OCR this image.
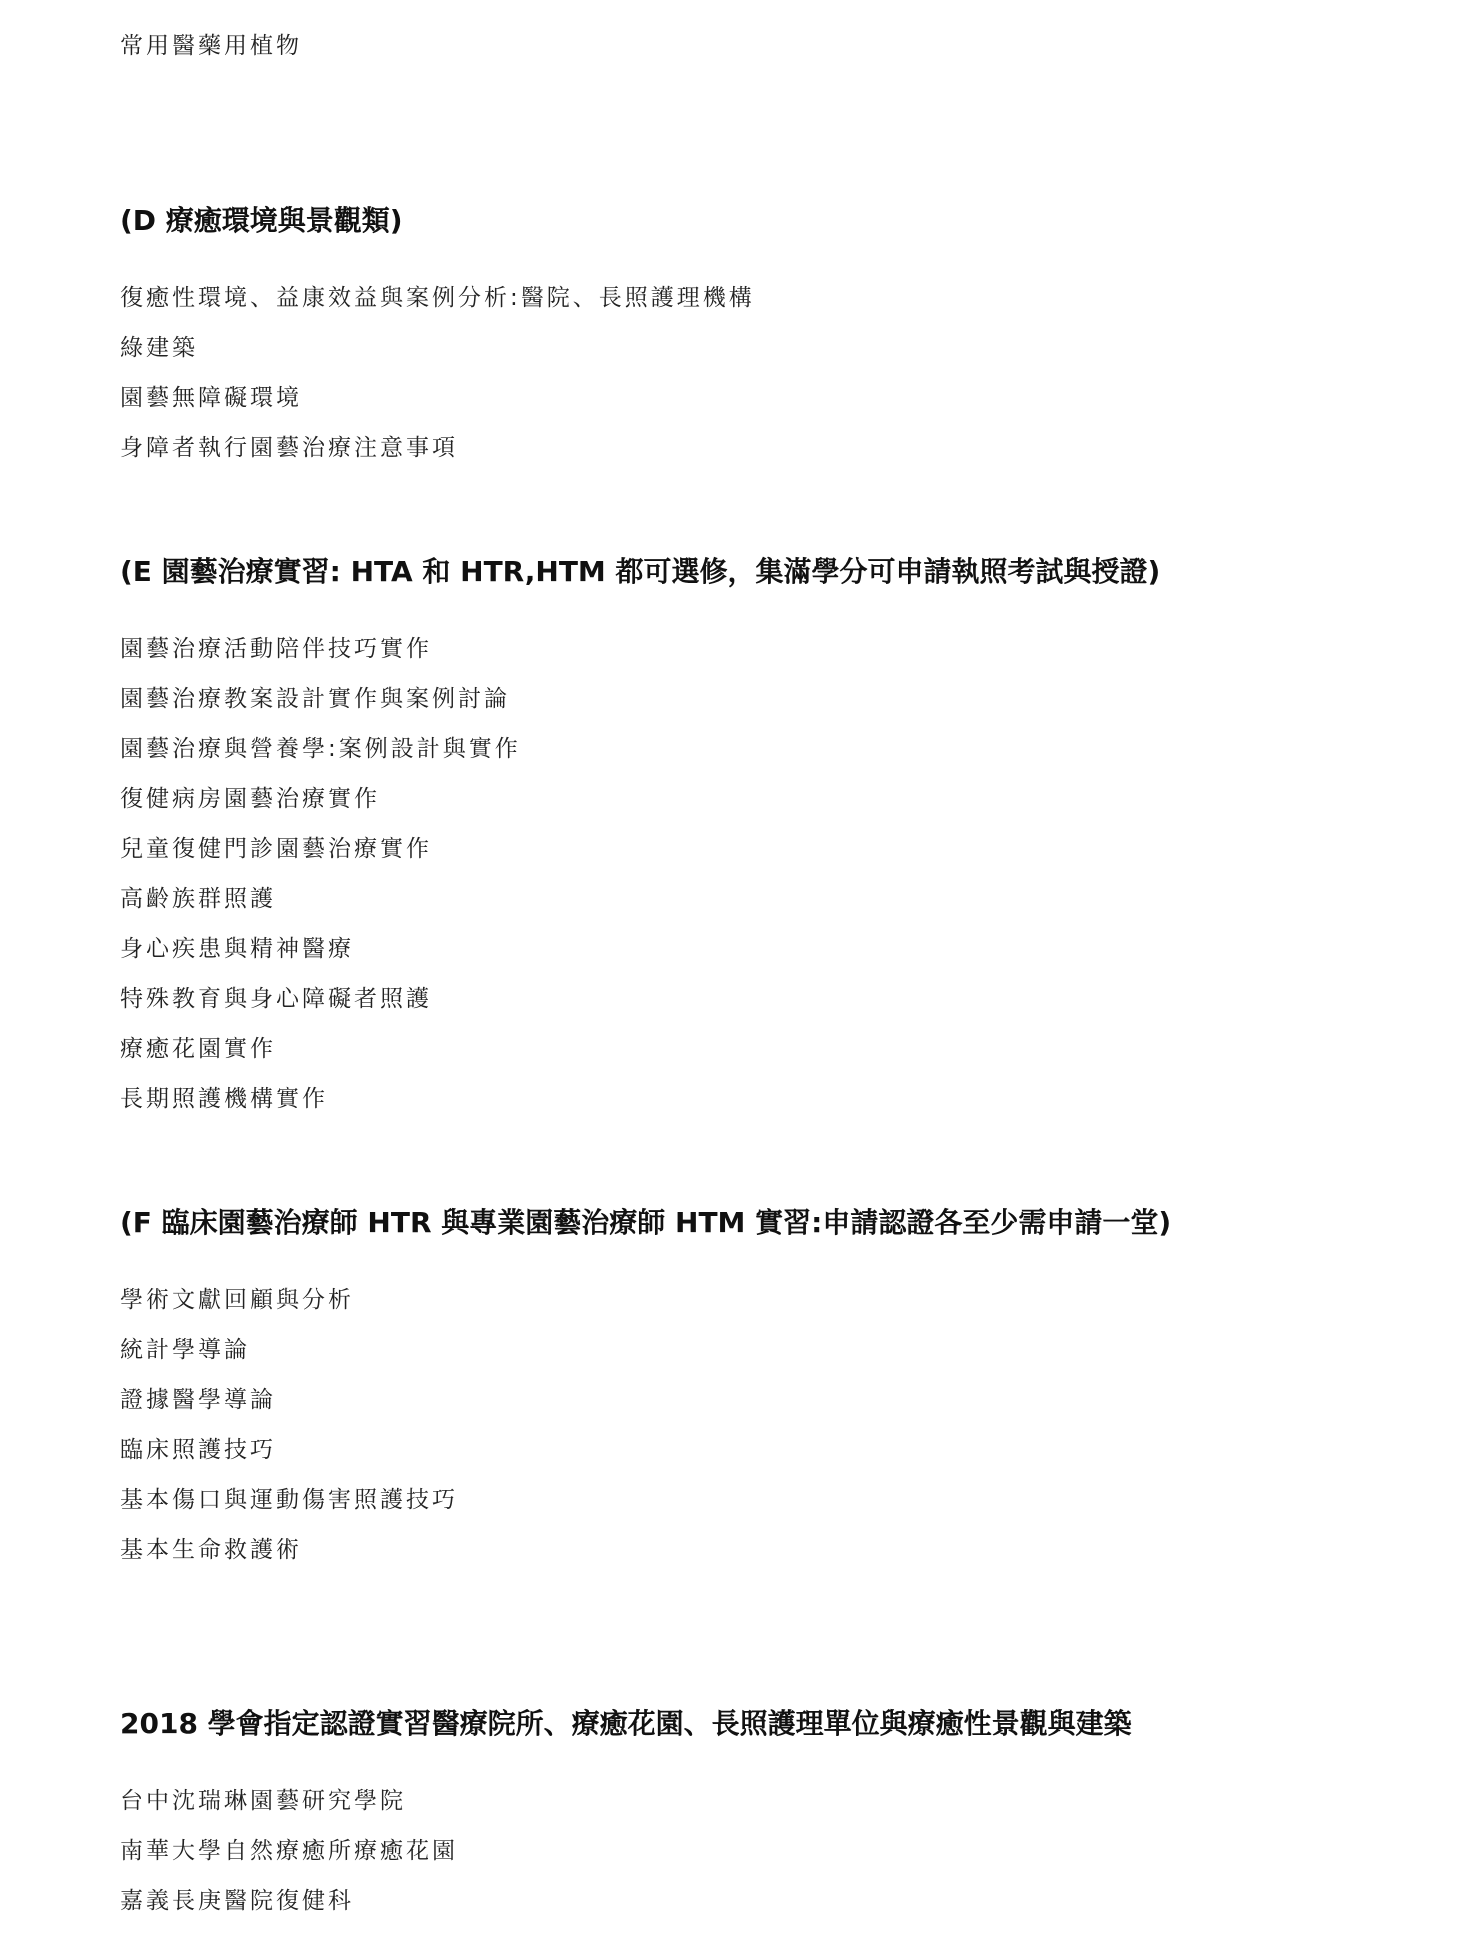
常用醫藥用植物
(D 療癒環境與景觀類)
復癒性環境、益康效益與案例分析:醫院、長照護理機構
綠建築
園藝無障礙環境
身障者執行園藝治療注意事項
(E 園藝治療實習: HTA 和 HTR,HTM 都可選修，集滿學分可申請執照考試與授證)
園藝治療活動陪伴技巧實作
園藝治療教案設計實作與案例討論
園藝治療與營養學:案例設計與實作
復健病房園藝治療實作
兒童復健門診園藝治療實作
高齡族群照護
身心疾患與精神醫療
特殊教育與身心障礙者照護
療癒花園實作
長期照護機構實作
(F 臨床園藝治療師 HTR 與專業園藝治療師 HTM 實習:申請認證各至少需申請一堂)
學術文獻回顧與分析
統計學導論
證據醫學導論
臨床照護技巧
基本傷口與運動傷害照護技巧
基本生命救護術
2018 學會指定認證實習醫療院所、療癒花園、長照護理單位與療癒性景觀與建築
台中沈瑞琳園藝研究學院
南華大學自然療癒所療癒花園
嘉義長庚醫院復健科
